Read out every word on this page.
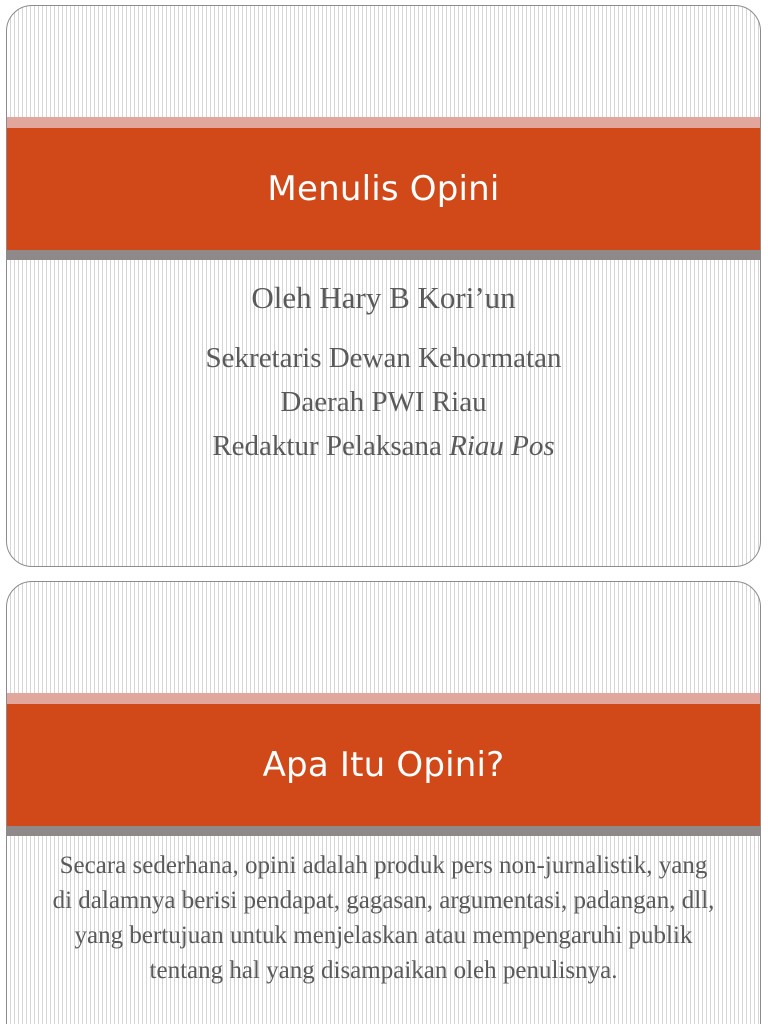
Menulis Opini

Oleh Hary B Kori’un

Sekretaris Dewan Kehormatan

Daerah PWI Riau

Redaktur Pelaksana Riau Pos

Apa Itu Opini?

Secara sederhana, opini adalah produk pers non-jurnalistik, yang di dalamnya berisi pendapat, gagasan, argumentasi, padangan, dll, yang bertujuan untuk menjelaskan atau mempengaruhi publik tentang hal yang disampaikan oleh penulisnya.
